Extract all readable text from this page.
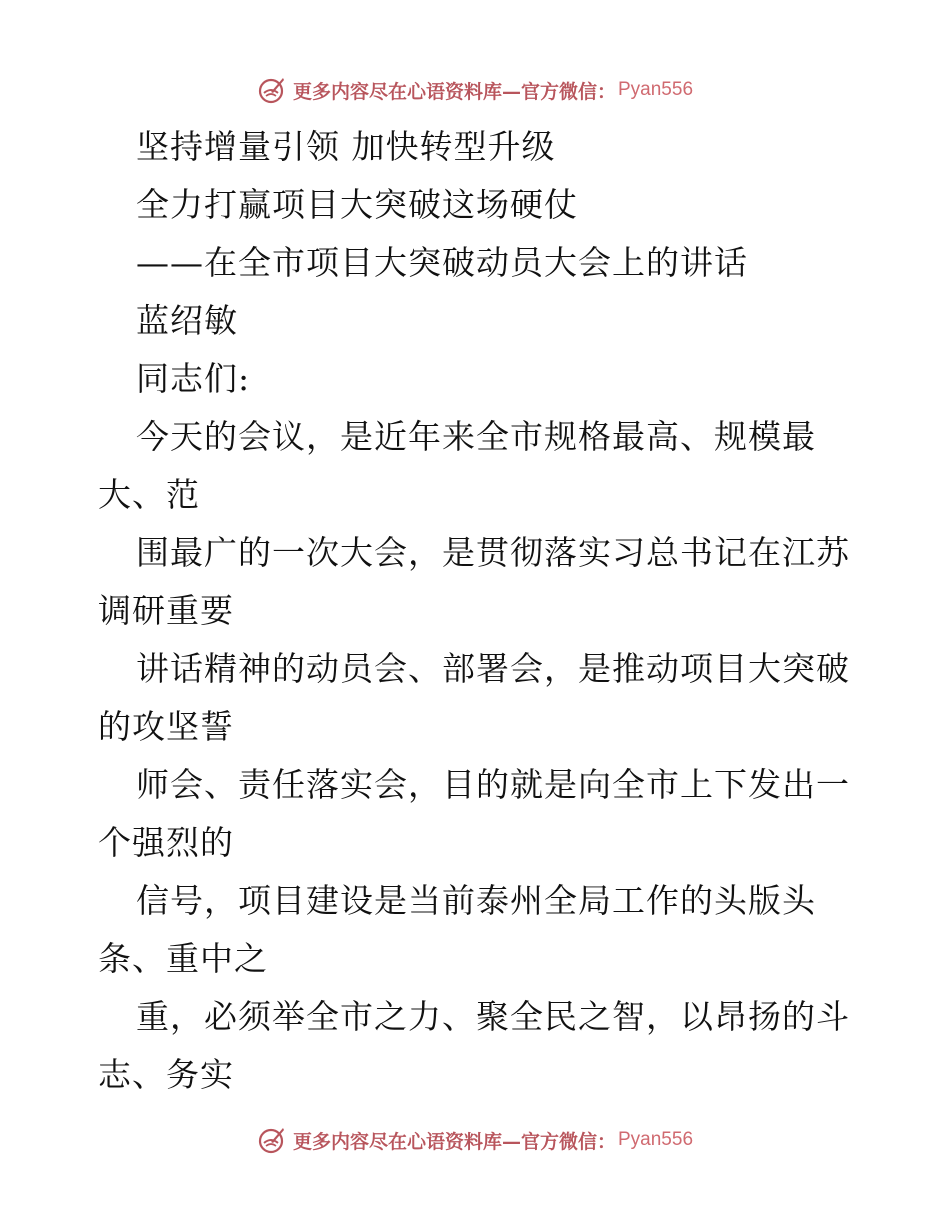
更多内容尽在心语资料库—官方微信： Pyan556
坚持增量引领 加快转型升级
全力打赢项目大突破这场硬仗
——在全市项目大突破动员大会上的讲话
蓝绍敏
同志们:
今天的会议，是近年来全市规格最高、规模最
大、范
围最广的一次大会，是贯彻落实习总书记在江苏
调研重要
讲话精神的动员会、部署会，是推动项目大突破
的攻坚誓
师会、责任落实会，目的就是向全市上下发出一
个强烈的
信号，项目建设是当前泰州全局工作的头版头
条、重中之
重，必须举全市之力、聚全民之智，以昂扬的斗
志、务实
更多内容尽在心语资料库—官方微信： Pyan556
